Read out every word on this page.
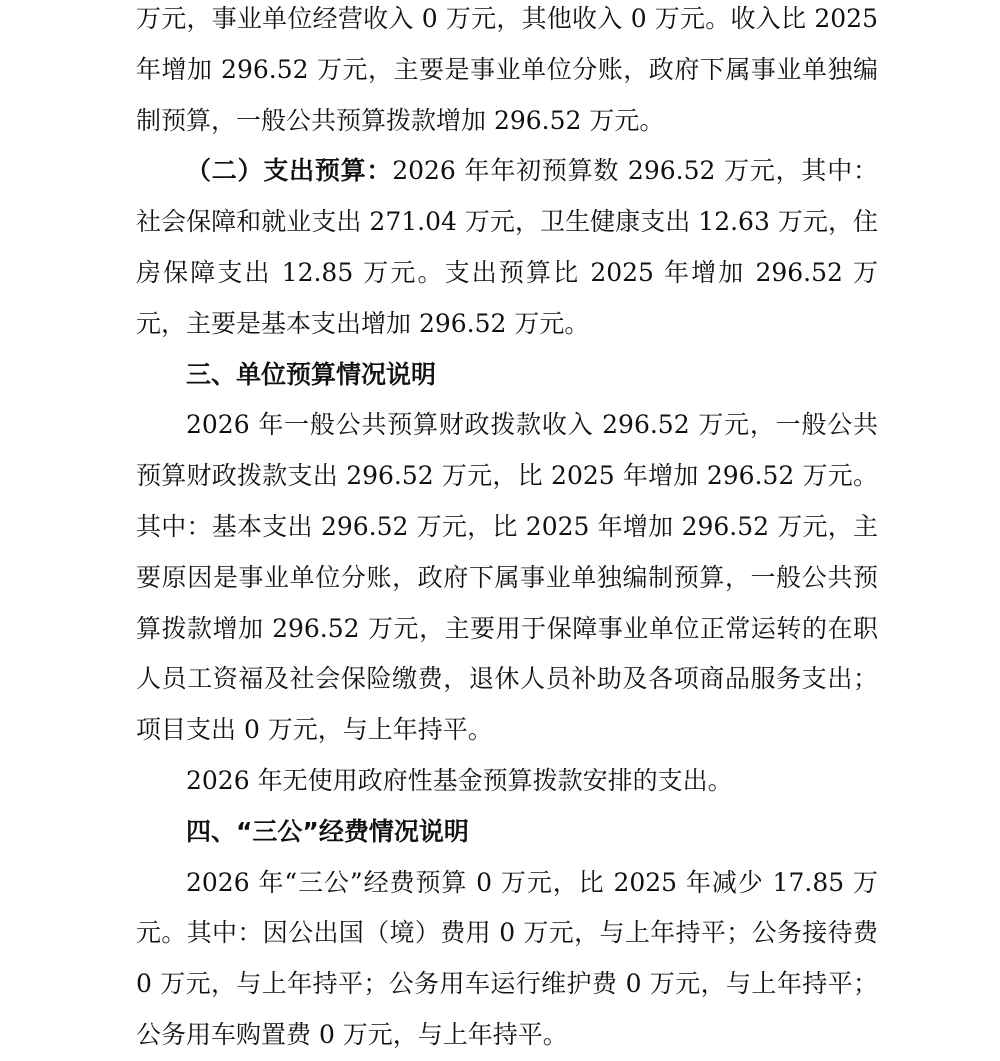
万元，事业单位经营收入 0 万元，其他收入 0 万元。收入比 2025 年增加 296.52 万元，主要是事业单位分账，政府下属事业单独编制预算，一般公共预算拨款增加 296.52 万元。

（二）支出预算：2026 年年初预算数 296.52 万元，其中：社会保障和就业支出 271.04 万元，卫生健康支出 12.63 万元，住房保障支出 12.85 万元。支出预算比 2025 年增加 296.52 万元，主要是基本支出增加 296.52 万元。

三、单位预算情况说明

2026 年一般公共预算财政拨款收入 296.52 万元，一般公共预算财政拨款支出 296.52 万元，比 2025 年增加 296.52 万元。其中：基本支出 296.52 万元，比 2025 年增加 296.52 万元，主要原因是事业单位分账，政府下属事业单独编制预算，一般公共预算拨款增加 296.52 万元，主要用于保障事业单位正常运转的在职人员工资福及社会保险缴费，退休人员补助及各项商品服务支出；项目支出 0 万元，与上年持平。

2026 年无使用政府性基金预算拨款安排的支出。

四、“三公”经费情况说明

2026 年“三公”经费预算 0 万元，比 2025 年减少 17.85 万元。其中：因公出国（境）费用 0 万元，与上年持平；公务接待费 0 万元，与上年持平；公务用车运行维护费 0 万元，与上年持平；公务用车购置费 0 万元，与上年持平。
